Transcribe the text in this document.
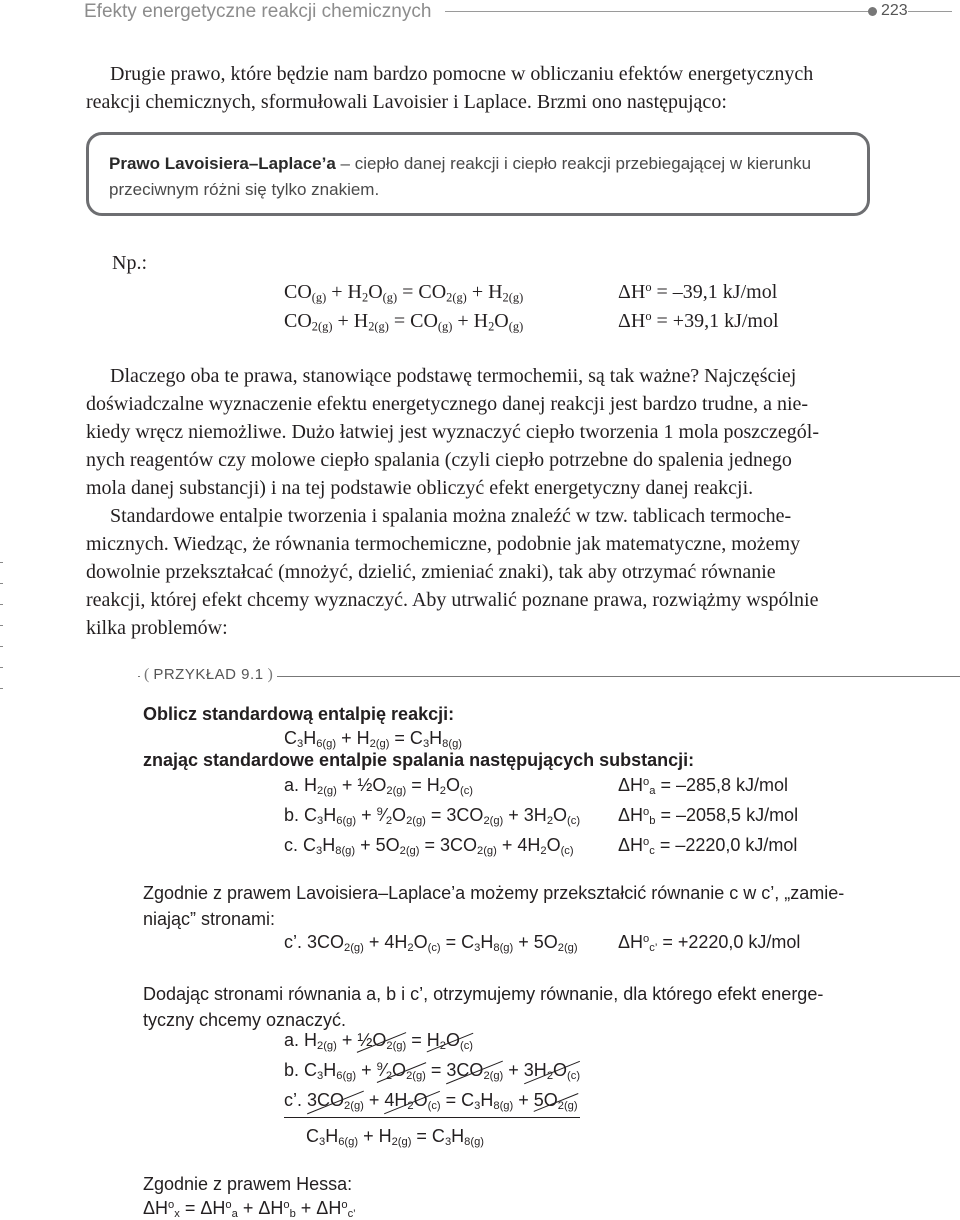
Efekty energetyczne reakcji chemicznych	223
Drugie prawo, które będzie nam bardzo pomocne w obliczaniu efektów energetycznych
reakcji chemicznych, sformułowali Lavoisier i Laplace. Brzmi ono następująco:
Prawo Lavoisiera–Laplace’a – ciepło danej reakcji i ciepło reakcji przebiegającej w kierunku
przeciwnym różni się tylko znakiem.
Np.:
$CO_{(g)} + H_2O_{(g)} = CO_{2(g)} + H_{2(g)}$
$CO_{2(g)} + H_{2(g)} = CO_{(g)} + H_2O_{(g)}$
$\Delta H^o = -39,1$ kJ/mol
$\Delta H^o = +39,1$ kJ/mol
Dlaczego oba te prawa, stanowiące podstawę termochemii, są tak ważne? Najczęściej
doświadczalne wyznaczenie efektu energetycznego danej reakcji jest bardzo trudne, a nie-
kiedy wręcz niemożliwe. Dużo łatwiej jest wyznaczyć ciepło tworzenia 1 mola poszczegól-
nych reagentów czy molowe ciepło spalania (czyli ciepło potrzebne do spalenia jednego
mola danej substancji) i na tej podstawie obliczyć efekt energetyczny danej reakcji.
Standardowe entalpie tworzenia i spalania można znaleźć w tzw. tablicach termoche-
micznych. Wiedząc, że równania termochemiczne, podobnie jak matematyczne, możemy
dowolnie przekształcać (mnożyć, dzielić, zmieniać znaki), tak aby otrzymać równanie
reakcji, której efekt chcemy wyznaczyć. Aby utrwalić poznane prawa, rozwiążmy wspólnie
kilka problemów:
( PRZYKŁAD 9.1 )
Oblicz standardową entalpię reakcji:
$C_3H_{6(g)} + H_{2(g)} = C_3H_{8(g)}$
znając standardowe entalpie spalania następujących substancji:
a. $H_{2(g)}$ + $\frac{1}{2}O_{2(g)} = H_2O_{(c)}$	$\Delta H^o_a = -285,8$ kJ/mol
b. $C_3H_{6(g)}$ + $^9⁄_2O_{2(g)} = 3CO_{2(g)} + 3H_2O_{(c)}$ $\Delta H^o_b = -2058,5$ kJ/mol
c. $C_3H_{8(g)} + 5O_{2(g)} = 3CO_{2(g)} + 4H_2O_{(c)}$ $\Delta H^o_c = -2220,0$ kJ/mol
Zgodnie z prawem Lavoisiera–Laplace’a możemy przekształcić równanie c w c’, „zamie-
niając” stronami:
c’. $3CO_{2(g)} + 4H_2O_{(c)} = C_3H_{8(g)} + 5O_{2(g)}$ $\Delta H^o_{c’} = +2220,0$ kJ/mol
Dodając stronami równania a, b i c’, otrzymujemy równanie, dla którego efekt energe-
tyczny chcemy oznaczyć.
a. $H_{2(g)}$ + $\frac{1}{2}O_{2(g)} = H_2O_{(c)}$
b. $C_3H_{6(g)}$ + $^9⁄_2O_{2(g)} = 3CO_{2(g)} + 3H_2O_{(c)}$
c’. $3CO_{2(g)} + 4H_2O_{(c)} = C_3H_{8(g)} + 5O_{2(g)}$
$C_3H_{6(g)} + H_{2(g)} = C_3H_{8(g)}$
Zgodnie z prawem Hessa:
$\Delta H^o_x = \Delta H^o_a + \Delta H^o_b + \Delta H^o_{c’}$
